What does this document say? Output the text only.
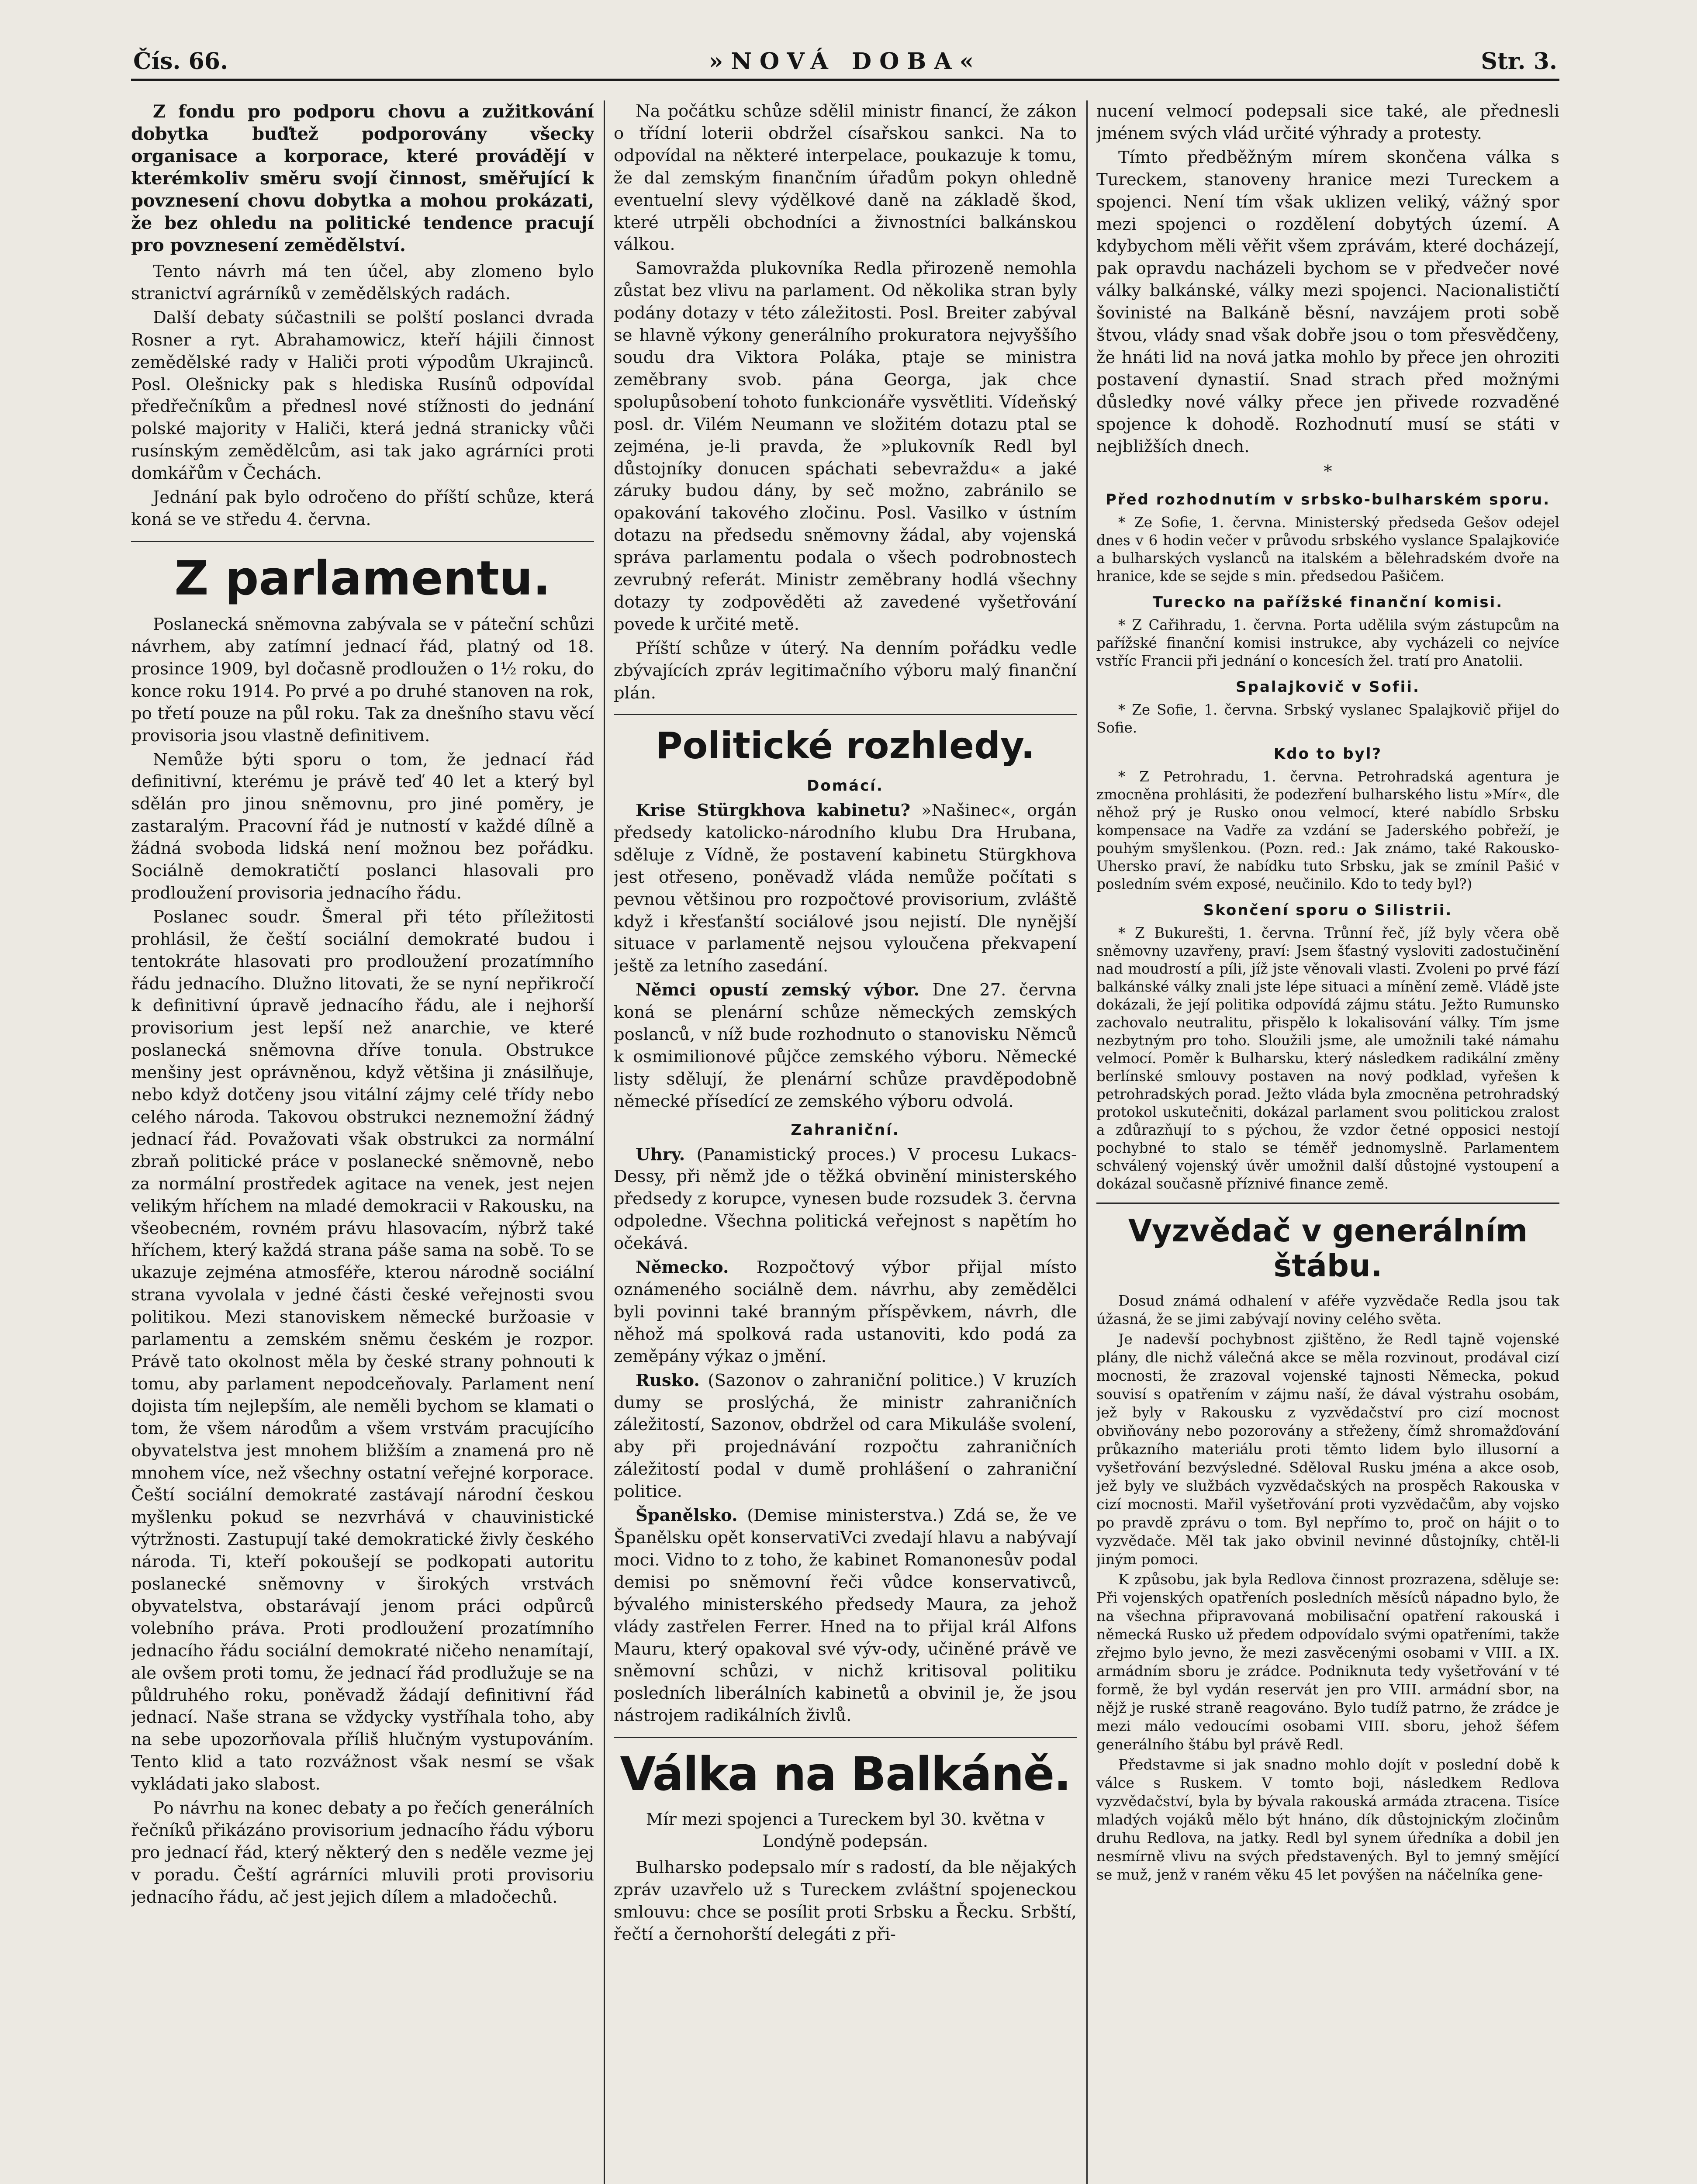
Čís. 66.	»NOVÁ DOBA«	Str. 3.

Z fondu pro podporu chovu a zužitkování dobytka buďtež podporovány všecky organisace a korporace, které provádějí v kterémkoliv směru svojí činnost, směřující k povznesení chovu dobytka a mohou prokázati, že bez ohledu na politické tendence pracují pro povznesení zemědělství.

Tento návrh má ten účel, aby zlomeno bylo stranictví agrárníků v zemědělských radách.

Další debaty súčastnili se polští poslanci dvrada Rosner a ryt. Abrahamowicz, kteří hájili činnost zemědělské rady v Haliči proti výpodům Ukrajinců. Posl. Olešnicky pak s hlediska Rusínů odpovídal předřečníkům a přednesl nové stížnosti do jednání polské majority v Haliči, která jedná stranicky vůči rusínským zemědělcům, asi tak jako agrárníci proti domkářům v Čechách.

Jednání pak bylo odročeno do příští schůze, která koná se ve středu 4. června.

Z parlamentu.

Poslanecká sněmovna zabývala se v páteční schůzi návrhem, aby zatímní jednací řád, platný od 18. prosince 1909, byl dočasně prodloužen o 1½ roku, do konce roku 1914. Po prvé a po druhé stanoven na rok, po třetí pouze na půl roku. Tak za dnešního stavu věcí provisoria jsou vlastně definitivem.

Nemůže býti sporu o tom, že jednací řád definitivní, kterému je právě teď 40 let a který byl sdělán pro jinou sněmovnu, pro jiné poměry, je zastaralým. Pracovní řád je nutností v každé dílně a žádná svoboda lidská není možnou bez pořádku. Sociálně demokratičtí poslanci hlasovali pro prodloužení provisoria jednacího řádu.

Poslanec soudr. Šmeral při této příležitosti prohlásil, že čeští sociální demokraté budou i tentokráte hlasovati pro prodloužení prozatímního řádu jednacího. Dlužno litovati, že se nyní nepřikročí k definitivní úpravě jednacího řádu, ale i nejhorší provisorium jest lepší než anarchie, ve které poslanecká sněmovna dříve tonula. Obstrukce menšiny jest oprávněnou, když většina ji znásilňuje, nebo když dotčeny jsou vitální zájmy celé třídy nebo celého národa. Takovou obstrukci neznemožní žádný jednací řád. Považovati však obstrukci za normální zbraň politické práce v poslanecké sněmovně, nebo za normální prostředek agitace na venek, jest nejen velikým hříchem na mladé demokracii v Rakousku, na všeobecném, rovném právu hlasovacím, nýbrž také hříchem, který každá strana páše sama na sobě. To se ukazuje zejména atmosféře, kterou národně sociální strana vyvolala v jedné části české veřejnosti svou politikou. Mezi stanoviskem německé buržoasie v parlamentu a zemském sněmu českém je rozpor. Právě tato okolnost měla by české strany pohnouti k tomu, aby parlament nepodceňovaly. Parlament není dojista tím nejlepším, ale neměli bychom se klamati o tom, že všem národům a všem vrstvám pracujícího obyvatelstva jest mnohem bližším a znamená pro ně mnohem více, než všechny ostatní veřejné korporace. Čeští sociální demokraté zastávají národní českou myšlenku pokud se nezvrhává v chauvinistické výtržnosti. Zastupují také demokratické živly českého národa. Ti, kteří pokoušejí se podkopati autoritu poslanecké sněmovny v širokých vrstvách obyvatelstva, obstarávají jenom práci odpůrců volebního práva. Proti prodloužení prozatímního jednacího řádu sociální demokraté ničeho nenamítají, ale ovšem proti tomu, že jednací řád prodlužuje se na půldruhého roku, poněvadž žádají definitivní řád jednací. Naše strana se vždycky vystříhala toho, aby na sebe upozorňovala příliš hlučným vystupováním. Tento klid a tato rozvážnost však nesmí se však vykládati jako slabost.

Po návrhu na konec debaty a po řečích generálních řečníků přikázáno provisorium jednacího řádu výboru pro jednací řád, který některý den s neděle vezme jej v poradu. Čeští agrárníci mluvili proti provisoriu jednacího řádu, ač jest jejich dílem a mladočechů.

Na počátku schůze sdělil ministr financí, že zákon o třídní loterii obdržel císařskou sankci. Na to odpovídal na některé interpelace, poukazuje k tomu, že dal zemským finančním úřadům pokyn ohledně eventuelní slevy výdělkové daně na základě škod, které utrpěli obchodníci a živnostníci balkánskou válkou.

Samovražda plukovníka Redla přirozeně nemohla zůstat bez vlivu na parlament. Od několika stran byly podány dotazy v této záležitosti. Posl. Breiter zabýval se hlavně výkony generálního prokuratora nejvyššího soudu dra Viktora Poláka, ptaje se ministra zeměbrany svob. pána Georga, jak chce spolupůsobení tohoto funkcionáře vysvětliti. Vídeňský posl. dr. Vilém Neumann ve složitém dotazu ptal se zejména, je-li pravda, že »plukovník Redl byl důstojníky donucen spáchati sebevraždu« a jaké záruky budou dány, by seč možno, zabránilo se opakování takového zločinu. Posl. Vasilko v ústním dotazu na předsedu sněmovny žádal, aby vojenská správa parlamentu podala o všech podrobnostech zevrubný referát. Ministr zeměbrany hodlá všechny dotazy ty zodpověděti až zavedené vyšetřování povede k určité metě.

Příští schůze v úterý. Na denním pořádku vedle zbývajících zpráv legitimačního výboru malý finanční plán.

Politické rozhledy.
Domácí.

Krise Stürgkhova kabinetu? »Našinec«, orgán předsedy katolicko-národního klubu Dra Hrubana, sděluje z Vídně, že postavení kabinetu Stürgkhova jest otřeseno, poněvadž vláda nemůže počítati s pevnou většinou pro rozpočtové provisorium, zvláště když i křesťanští sociálové jsou nejistí. Dle nynější situace v parlamentě nejsou vyloučena překvapení ještě za letního zasedání.

Němci opustí zemský výbor. Dne 27. června koná se plenární schůze německých zemských poslanců, v níž bude rozhodnuto o stanovisku Němců k osmimilionové půjčce zemského výboru. Německé listy sdělují, že plenární schůze pravděpodobně německé přísedící ze zemského výboru odvolá.

Zahraniční.

Uhry. (Panamistický proces.) V procesu Lukacs-Dessy, při němž jde o těžká obvinění ministerského předsedy z korupce, vynesen bude rozsudek 3. června odpoledne. Všechna politická veřejnost s napětím ho očekává.

Německo. Rozpočtový výbor přijal místo oznámeného sociálně dem. návrhu, aby zemědělci byli povinni také branným příspěvkem, návrh, dle něhož má spolková rada ustanoviti, kdo podá za zeměpány výkaz o jmění.

Rusko. (Sazonov o zahraniční politice.) V kruzích dumy se proslýchá, že ministr zahraničních záležitostí, Sazonov, obdržel od cara Mikuláše svolení, aby při projednávání rozpočtu zahraničních záležitostí podal v dumě prohlášení o zahraniční politice.

Španělsko. (Demise ministerstva.) Zdá se, že ve Španělsku opět konservatiVci zvedají hlavu a nabývají moci. Vidno to z toho, že kabinet Romanonesův podal demisi po sněmovní řeči vůdce konservativců, bývalého ministerského předsedy Maura, za jehož vlády zastřelen Ferrer. Hned na to přijal král Alfons Mauru, který opakoval své výv-ody, učiněné právě ve sněmovní schůzi, v nichž kritisoval politiku posledních liberálních kabinetů a obvinil je, že jsou nástrojem radikálních živlů.

Válka na Balkáně.
Mír mezi spojenci a Tureckem byl 30. května v Londýně podepsán.

Bulharsko podepsalo mír s radostí, da ble nějakých zpráv uzavřelo už s Tureckem zvláštní spojeneckou smlouvu: chce se posílit proti Srbsku a Řecku. Srbští, řečtí a černohorští delegáti z při-

nucení velmocí podepsali sice také, ale přednesli jménem svých vlád určité výhrady a protesty.

Tímto předběžným mírem skončena válka s Tureckem, stanoveny hranice mezi Tureckem a spojenci. Není tím však uklizen veliký, vážný spor mezi spojenci o rozdělení dobytých území. A kdybychom měli věřit všem zprávám, které docházejí, pak opravdu nacházeli bychom se v předvečer nové války balkánské, války mezi spojenci. Nacionalističtí šovinisté na Balkáně běsní, navzájem proti sobě štvou, vlády snad však dobře jsou o tom přesvědčeny, že hnáti lid na nová jatka mohlo by přece jen ohroziti postavení dynastií. Snad strach před možnými důsledky nové války přece jen přivede rozvaděné spojence k dohodě. Rozhodnutí musí se státi v nejbližších dnech.

*
Před rozhodnutím v srbsko-bulharském sporu.

* Ze Sofie, 1. června. Ministerský předseda Gešov odejel dnes v 6 hodin večer v průvodu srbského vyslance Spalajkoviće a bulharských vyslanců na italském a bělehradském dvoře na hranice, kde se sejde s min. předsedou Pašičem.

Turecko na pařížské finanční komisi.

* Z Cařihradu, 1. června. Porta udělila svým zástupcům na pařížské finanční komisi instrukce, aby vycházeli co nejvíce vstříc Francii při jednání o koncesích žel. tratí pro Anatolii.

Spalajkovič v Sofii.

* Ze Sofie, 1. června. Srbský vyslanec Spalajkovič přijel do Sofie.

Kdo to byl?

* Z Petrohradu, 1. června. Petrohradská agentura je zmocněna prohlásiti, že podezření bulharského listu »Mír«, dle něhož prý je Rusko onou velmocí, které nabídlo Srbsku kompensace na Vadře za vzdání se Jaderského pobřeží, je pouhým smyšlenkou. (Pozn. red.: Jak známo, také Rakousko-Uhersko praví, že nabídku tuto Srbsku, jak se zmínil Pašić v posledním svém exposé, neučinilo. Kdo to tedy byl?)

Skončení sporu o Silistrii.

* Z Bukurešti, 1. června. Trůnní řeč, jíž byly včera obě sněmovny uzavřeny, praví: Jsem šťastný vysloviti zadostučinění nad moudrostí a píli, jíž jste věnovali vlasti. Zvoleni po prvé fází balkánské války znali jste lépe situaci a mínění země. Vládě jste dokázali, že její politika odpovídá zájmu státu. Ježto Rumunsko zachovalo neutralitu, přispělo k lokalisování války. Tím jsme nezbytným pro toho. Sloužili jsme, ale umožnili také námahu velmocí. Poměr k Bulharsku, který následkem radikální změny berlínské smlouvy postaven na nový podklad, vyřešen k petrohradských porad. Ježto vláda byla zmocněna petrohradský protokol uskutečniti, dokázal parlament svou politickou zralost a zdůrazňují to s pýchou, že vzdor četné opposici nestojí pochybné to stalo se téměř jednomyslně. Parlamentem schválený vojenský úvěr umožnil další důstojné vystoupení a dokázal současně příznivé finance země.

Vyzvědač v generálním štábu.

Dosud známá odhalení v aféře vyzvědače Redla jsou tak úžasná, že se jimi zabývají noviny celého světa.

Je nadevší pochybnost zjištěno, že Redl tajně vojenské plány, dle nichž válečná akce se měla rozvinout, prodával cizí mocnosti, že zrazoval vojenské tajnosti Německa, pokud souvisí s opatřením v zájmu naší, že dával výstrahu osobám, jež byly v Rakousku z vyzvědačství pro cizí mocnost obviňovány nebo pozorovány a střeženy, čímž shromažďování průkazního materiálu proti těmto lidem bylo illusorní a vyšetřování bezvýsledné. Sděloval Rusku jména a akce osob, jež byly ve službách vyzvědačských na prospěch Rakouska v cizí mocnosti. Mařil vyšetřování proti vyzvědačům, aby vojsko po pravdě zprávu o tom. Byl nepřímo to, proč on hájit o to vyzvědače. Měl tak jako obvinil nevinné důstojníky, chtěl-li jiným pomoci.

K způsobu, jak byla Redlova činnost prozrazena, sděluje se: Při vojenských opatřeních posledních měsíců nápadno bylo, že na všechna připravovaná mobilisační opatření rakouská i německá Rusko už předem odpovídalo svými opatřeními, takže zřejmo bylo jevno, že mezi zasvěcenými osobami v VIII. a IX. armádním sboru je zrádce. Podniknuta tedy vyšetřování v té formě, že byl vydán reservát jen pro VIII. armádní sbor, na nějž je ruské straně reagováno. Bylo tudíž patrno, že zrádce je mezi málo vedoucími osobami VIII. sboru, jehož šéfem generálního štábu byl právě Redl.

Představme si jak snadno mohlo dojít v poslední době k válce s Ruskem. V tomto boji, následkem Redlova vyzvědačství, byla by bývala rakouská armáda ztracena. Tisíce mladých vojáků mělo být hnáno, dík důstojnickým zločinům druhu Redlova, na jatky. Redl byl synem úředníka a dobil jen nesmírně vlivu na svých představených. Byl to jemný smějící se muž, jenž v raném věku 45 let povýšen na náčelníka gene-
